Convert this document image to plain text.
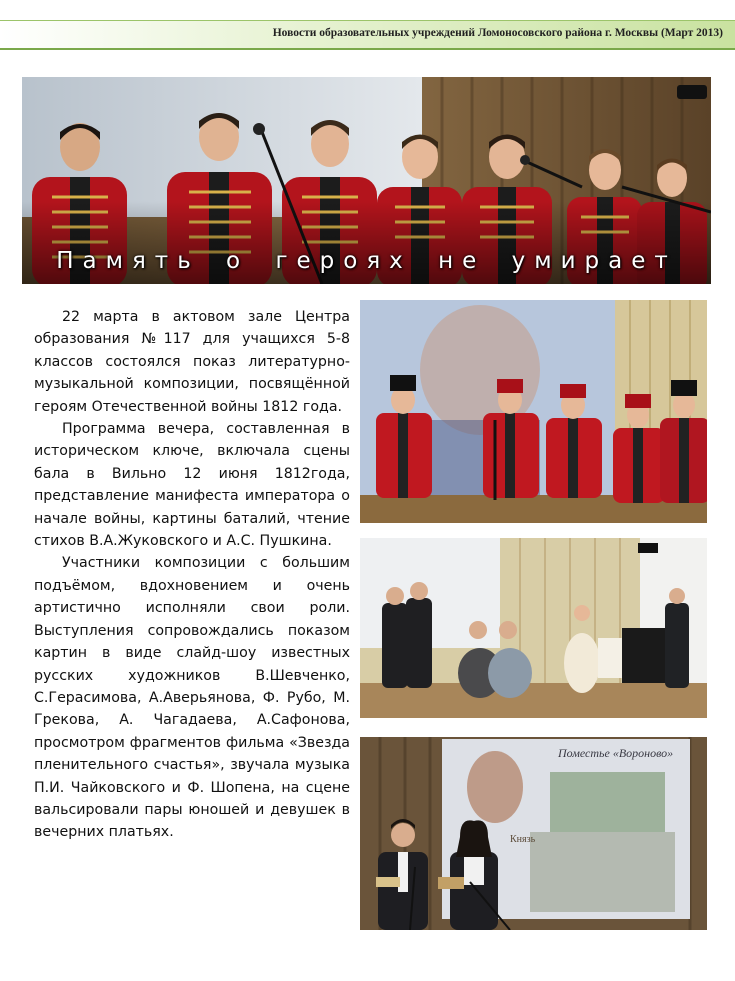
Новости образовательных учреждений Ломоносовского района г. Москвы (Март 2013)
Память о героях не умирает

22 марта в актовом зале Центра образования №117 для учащихся 5-8 классов состоялся показ литературно-музыкальной композиции, посвящённой героям Отечественной войны 1812 года.

Программа вечера, составленная в историческом ключе, включала сцены бала в Вильно 12 июня 1812года, представление манифеста императора о начале войны, картины баталий, чтение стихов В.А.Жуковского и А.С. Пушкина.

Участники композиции с большим подъёмом, вдохновением и очень артистично исполняли свои роли. Выступления сопровождались показом картин в виде слайд-шоу известных русских художников В.Шевченко, С.Герасимова, А.Аверьянова, Ф. Рубо, М. Грекова, А. Чагадаева, А.Сафонова, просмотром фрагментов фильма «Звезда пленительного счастья», звучала музыка П.И. Чайковского и Ф. Шопена, на сцене вальсировали пары юношей и девушек в вечерних платьях.

Поместье «Вороново»
Князь
